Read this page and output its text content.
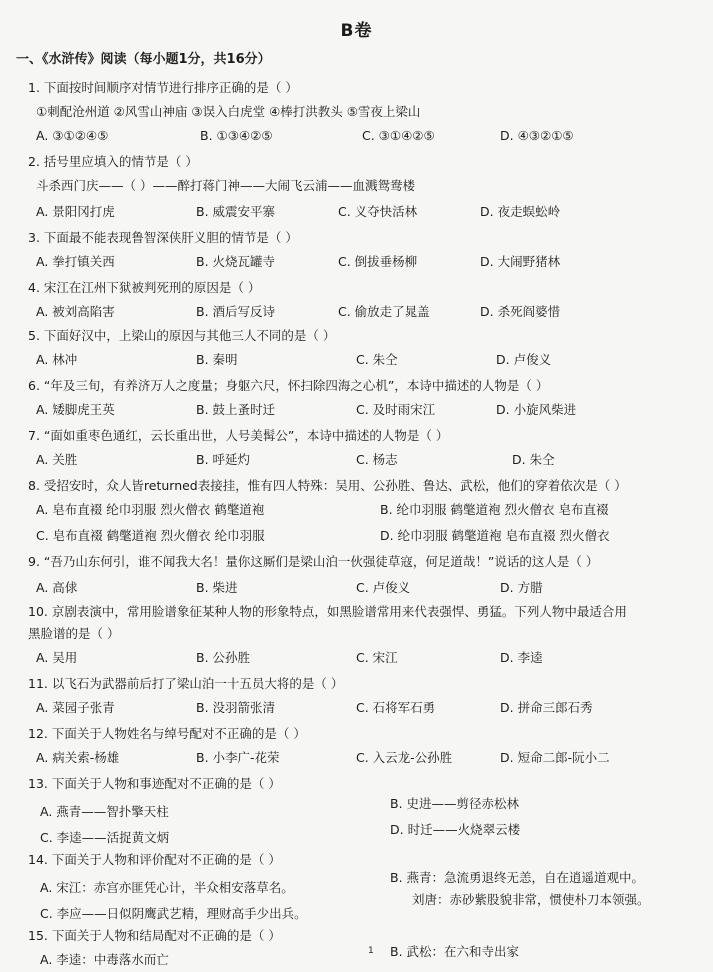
B卷
一、《水浒传》阅读（每小题1分，共16分）
1. 下面按时间顺序对情节进行排序正确的是（ ）
①刺配沧州道 ②风雪山神庙 ③误入白虎堂 ④棒打洪教头 ⑤雪夜上梁山
A. ③①②④⑤	B. ①③④②⑤	C. ③①④②⑤	D. ④③②①⑤
2. 括号里应填入的情节是（ ）
斗杀西门庆——（ ）——醉打蒋门神——大闹飞云浦——血溅鸳鸯楼
A. 景阳冈打虎	B. 威震安平寨	C. 义夺快活林	D. 夜走蜈蚣岭
3. 下面最不能表现鲁智深侠肝义胆的情节是（ ）
A. 拳打镇关西	B. 火烧瓦罐寺	C. 倒拔垂杨柳	D. 大闹野猪林
4. 宋江在江州下狱被判死刑的原因是（ ）
A. 被刘高陷害	B. 酒后写反诗	C. 偷放走了晁盖	D. 杀死阎婆惜
5. 下面好汉中，上梁山的原因与其他三人不同的是（ ）
A. 林冲	B. 秦明	C. 朱仝	D. 卢俊义
6. “年及三旬，有养济万人之度量；身躯六尺，怀扫除四海之心机”，本诗中描述的人物是（ ）
A. 矮脚虎王英	B. 鼓上蚤时迁	C. 及时雨宋江	D. 小旋风柴进
7. “面如重枣色通红，云长重出世，人号美髯公”，本诗中描述的人物是（ ）
A. 关胜	B. 呼延灼	C. 杨志	D. 朱仝
8. 受招安时，众人皆returned表接挂，惟有四人特殊：吴用、公孙胜、鲁达、武松，他们的穿着依次是（ ）
A. 皂布直裰 纶巾羽服 烈火僧衣 鹤氅道袍	B. 纶巾羽服 鹤氅道袍 烈火僧衣 皂布直裰
C. 皂布直裰 鹤氅道袍 烈火僧衣 纶巾羽服	D. 纶巾羽服 鹤氅道袍 皂布直裰 烈火僧衣
9. “吾乃山东何引，谁不闻我大名！量你这厮们是梁山泊一伙强徒草寇，何足道哉！”说话的这人是（ ）
A. 高俅	B. 柴进	C. 卢俊义	D. 方腊
10. 京剧表演中，常用脸谱象征某种人物的形象特点，如黑脸谱常用来代表强悍、勇猛。下列人物中最适合用
黑脸谱的是（ ）
A. 吴用	B. 公孙胜	C. 宋江	D. 李逵
11. 以飞石为武器前后打了梁山泊一十五员大将的是（ ）
A. 菜园子张青	B. 没羽箭张清	C. 石将军石勇	D. 拼命三郎石秀
12. 下面关于人物姓名与绰号配对不正确的是（ ）
A. 病关索-杨雄	B. 小李广-花荣	C. 入云龙-公孙胜	D. 短命二郎-阮小二
13. 下面关于人物和事迹配对不正确的是（ ）
A. 燕青——智扑擎天柱
B. 史进——剪径赤松林
C. 李逵——活捉黄文炳
D. 时迁——火烧翠云楼
14. 下面关于人物和评价配对不正确的是（ ）
A. 宋江：赤宫亦匪凭心计，半众相安落草名。
B. 燕青：急流勇退终无恙，自在逍遥道观中。
刘唐：赤砂紫股貌非常，惯使朴刀本领强。
C. 李应——日似阴鹰武艺精，理财高手少出兵。
15. 下面关于人物和结局配对不正确的是（ ）
A. 李逵：中毒落水而亡
B. 武松：在六和寺出家
1
